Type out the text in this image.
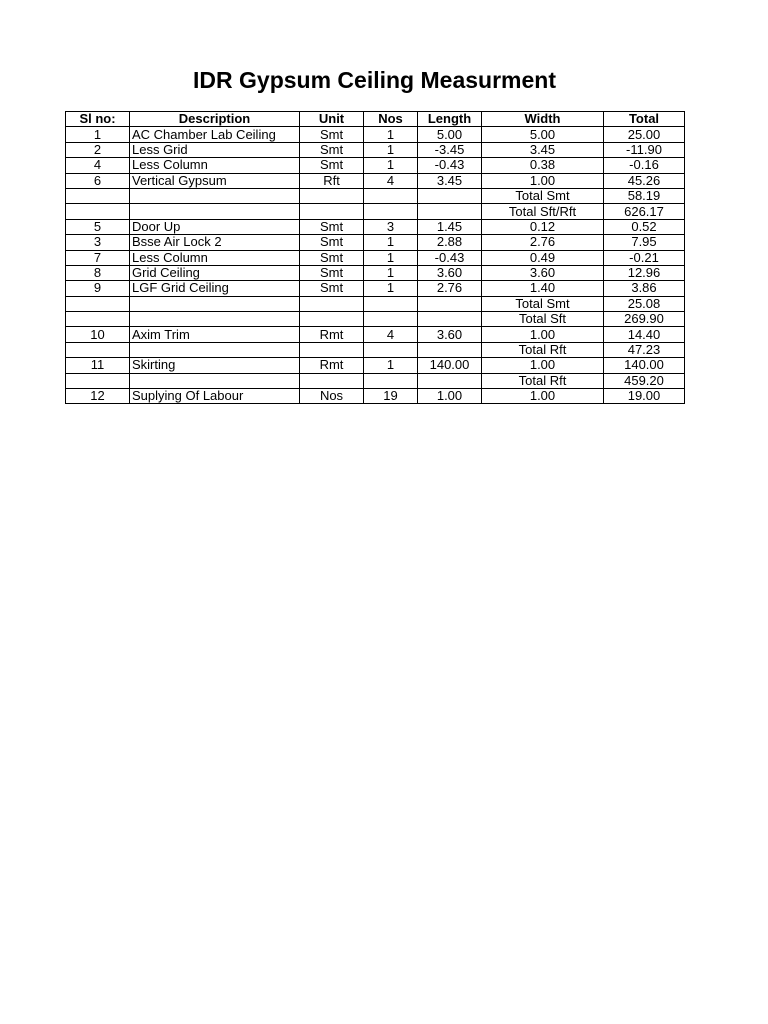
IDR Gypsum Ceiling Measurment
Sl no:	Description	Unit	Nos	Length	Width	Total
1	AC Chamber Lab Ceiling	Smt	1	5.00	5.00	25.00
2	Less Grid	Smt	1	-3.45	3.45	-11.90
4	Less Column	Smt	1	-0.43	0.38	-0.16
6	Vertical Gypsum	Rft	4	3.45	1.00	45.26
					Total Smt	58.19
					Total Sft/Rft	626.17
5	Door Up	Smt	3	1.45	0.12	0.52
3	Bsse Air Lock 2	Smt	1	2.88	2.76	7.95
7	Less Column	Smt	1	-0.43	0.49	-0.21
8	Grid Ceiling	Smt	1	3.60	3.60	12.96
9	LGF Grid Ceiling	Smt	1	2.76	1.40	3.86
					Total Smt	25.08
					Total Sft	269.90
10	Axim Trim	Rmt	4	3.60	1.00	14.40
					Total Rft	47.23
11	Skirting	Rmt	1	140.00	1.00	140.00
					Total Rft	459.20
12	Suplying Of Labour	Nos	19	1.00	1.00	19.00
